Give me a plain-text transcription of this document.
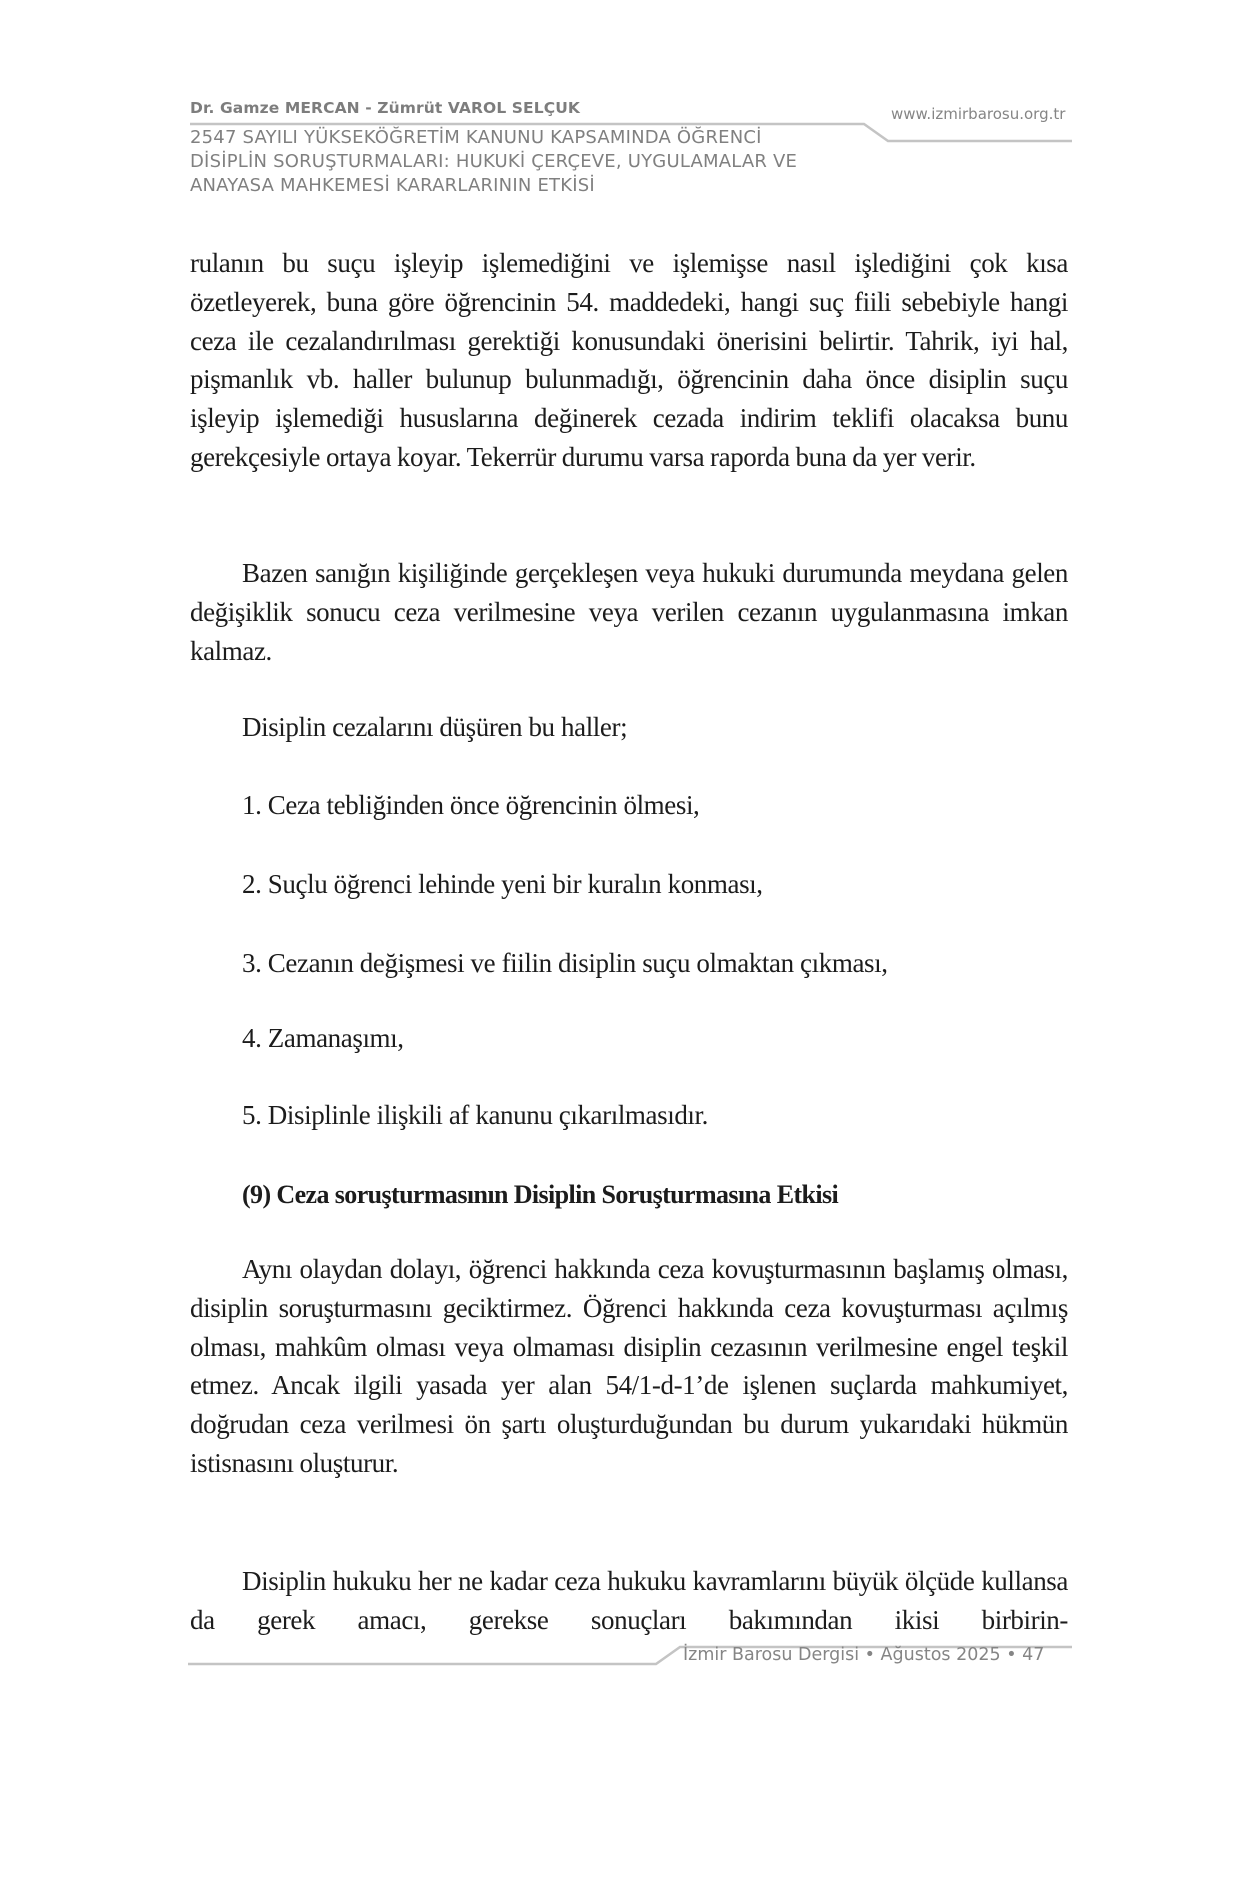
Dr. Gamze MERCAN - Zümrüt VAROL SELÇUK
2547 SAYILI YÜKSEKÖĞRETİM KANUNU KAPSAMINDA ÖĞRENCİ
DİSİPLİN SORUŞTURMALARI: HUKUKİ ÇERÇEVE, UYGULAMALAR VE
ANAYASA MAHKEMESİ KARARLARININ ETKİSİ
www.izmirbarosu.org.tr

rulanın bu suçu işleyip işlemediğini ve işlemişse nasıl işlediğini çok kısa özetleyerek, buna göre öğrencinin 54. maddedeki, hangi suç fiili sebebiyle hangi ceza ile cezalandırılması gerektiği konusundaki önerisini belirtir. Tahrik, iyi hal, pişmanlık vb. haller bulunup bulunmadığı, öğrencinin daha önce disiplin suçu işleyip işlemediği hususlarına değinerek cezada indirim teklifi olacaksa bunu gerekçesiyle ortaya koyar. Tekerrür durumu varsa raporda buna da yer verir.

Bazen sanığın kişiliğinde gerçekleşen veya hukuki durumunda meydana gelen değişiklik sonucu ceza verilmesine veya verilen cezanın uygulanmasına imkan kalmaz.

Disiplin cezalarını düşüren bu haller;
1. Ceza tebliğinden önce öğrencinin ölmesi,
2. Suçlu öğrenci lehinde yeni bir kuralın konması,
3. Cezanın değişmesi ve fiilin disiplin suçu olmaktan çıkması,
4. Zamanaşımı,
5. Disiplinle ilişkili af kanunu çıkarılmasıdır.
(9) Ceza soruşturmasının Disiplin Soruşturmasına Etkisi

Aynı olaydan dolayı, öğrenci hakkında ceza kovuşturmasının başlamış olması, disiplin soruşturmasını geciktirmez. Öğrenci hakkında ceza kovuşturması açılmış olması, mahkûm olması veya olmaması disiplin cezasının verilmesine engel teşkil etmez. Ancak ilgili yasada yer alan 54/1-d-1’de işlenen suçlarda mahkumiyet, doğrudan ceza verilmesi ön şartı oluşturduğundan bu durum yukarıdaki hükmün istisnasını oluşturur.

Disiplin hukuku her ne kadar ceza hukuku kavramlarını büyük ölçüde kullansa da gerek amacı, gerekse sonuçları bakımından ikisi birbirin-

İzmir Barosu Dergisi • Ağustos 2025 • 47
